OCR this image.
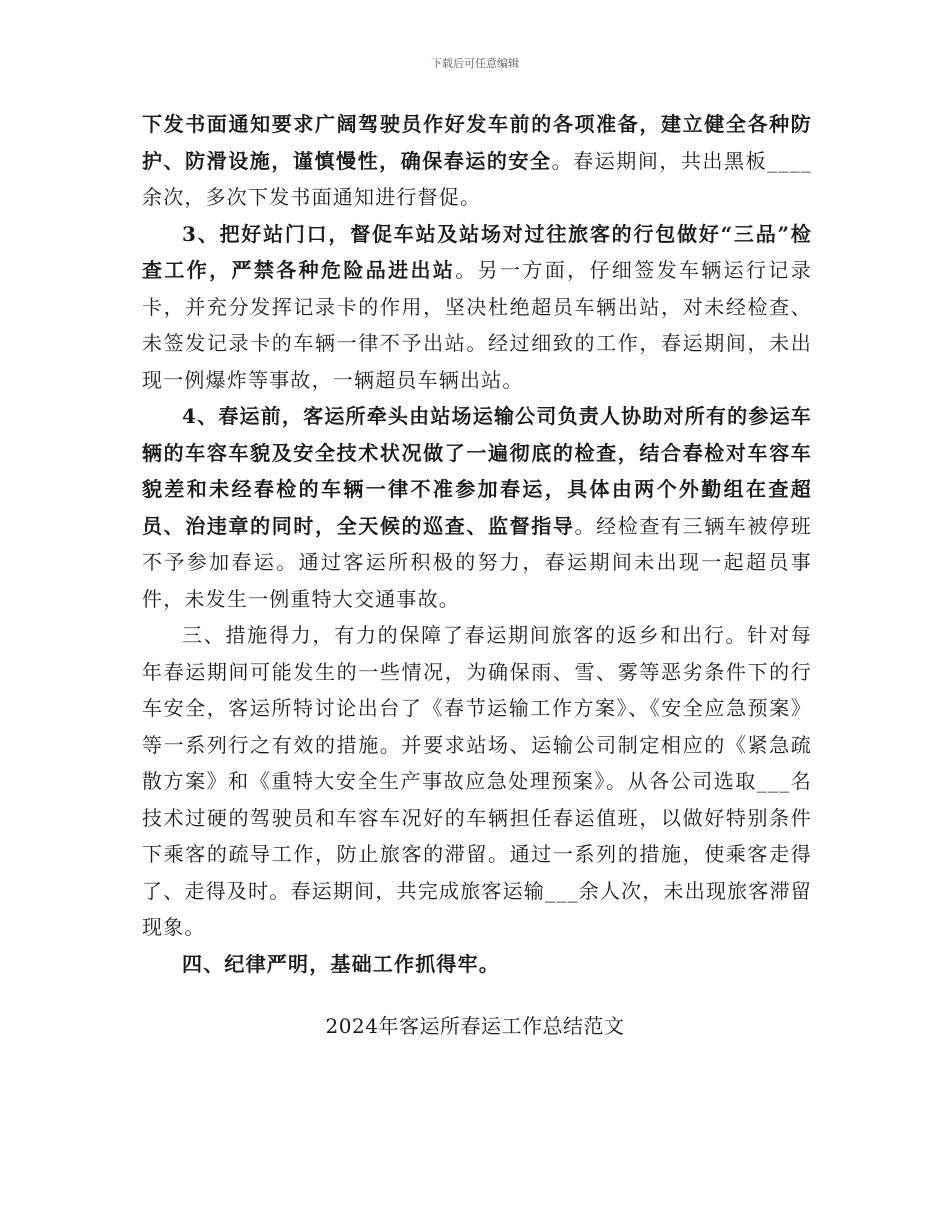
下载后可任意编辑

下发书面通知要求广阔驾驶员作好发车前的各项准备，建立健全各种防护、防滑设施，谨慎慢性，确保春运的安全。春运期间，共出黑板____余次，多次下发书面通知进行督促。

3、把好站门口，督促车站及站场对过往旅客的行包做好“三品”检查工作，严禁各种危险品进出站。另一方面，仔细签发车辆运行记录卡，并充分发挥记录卡的作用，坚决杜绝超员车辆出站，对未经检查、未签发记录卡的车辆一律不予出站。经过细致的工作，春运期间，未出现一例爆炸等事故，一辆超员车辆出站。

4、春运前，客运所牵头由站场运输公司负责人协助对所有的参运车辆的车容车貌及安全技术状况做了一遍彻底的检查，结合春检对车容车貌差和未经春检的车辆一律不准参加春运，具体由两个外勤组在查超员、治违章的同时，全天候的巡查、监督指导。经检查有三辆车被停班不予参加春运。通过客运所积极的努力，春运期间未出现一起超员事件，未发生一例重特大交通事故。

三、措施得力，有力的保障了春运期间旅客的返乡和出行。针对每年春运期间可能发生的一些情况，为确保雨、雪、雾等恶劣条件下的行车安全，客运所特讨论出台了《春节运输工作方案》、《安全应急预案》等一系列行之有效的措施。并要求站场、运输公司制定相应的《紧急疏散方案》和《重特大安全生产事故应急处理预案》。从各公司选取___名技术过硬的驾驶员和车容车况好的车辆担任春运值班，以做好特别条件下乘客的疏导工作，防止旅客的滞留。通过一系列的措施，使乘客走得了、走得及时。春运期间，共完成旅客运输___余人次，未出现旅客滞留现象。

四、纪律严明，基础工作抓得牢。

2024年客运所春运工作总结范文
